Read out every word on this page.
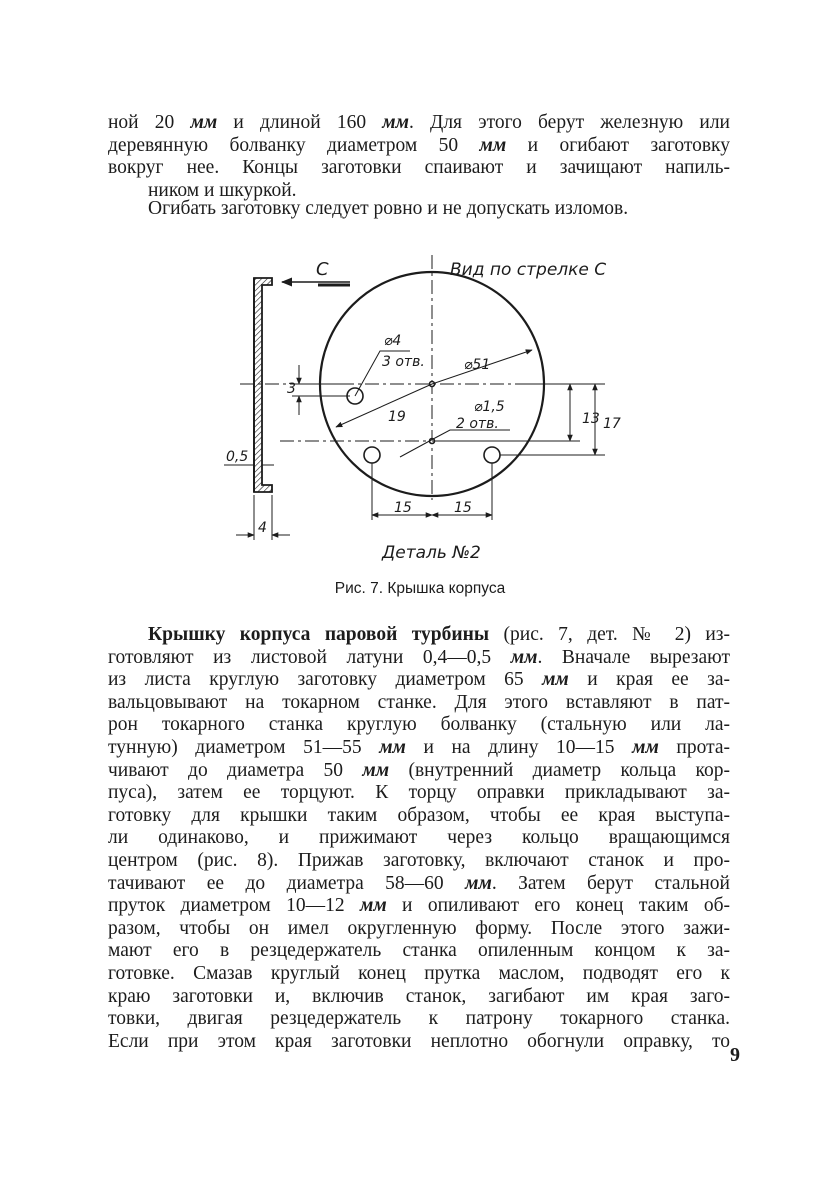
ной 20 мм и длиной 160 мм. Для этого берут железную или
деревянную болванку диаметром 50 мм и огибают заготовку
вокруг нее. Концы заготовки спаивают и зачищают напиль-
ником и шкуркой.
Огибать заготовку следует ровно и не допускать изломов.
С	Вид по стрелке С
⌀4
3 отв.	⌀51
⌀1,5
2 отв.
19
3
13 17
15	15
0,5
4
Деталь №2
Рис. 7. Крышка корпуса
Крышку корпуса паровой турбины (рис. 7, дет. № 2) из-
готовляют из листовой латуни 0,4—0,5 мм. Вначале вырезают
из листа круглую заготовку диаметром 65 мм и края ее за-
вальцовывают на токарном станке. Для этого вставляют в пат-
рон токарного станка круглую болванку (стальную или ла-
тунную) диаметром 51—55 мм и на длину 10—15 мм прота-
чивают до диаметра 50 мм (внутренний диаметр кольца кор-
пуса), затем ее торцуют. К торцу оправки прикладывают за-
готовку для крышки таким образом, чтобы ее края выступа-
ли одинаково, и прижимают через кольцо вращающимся
центром (рис. 8). Прижав заготовку, включают станок и про-
тачивают ее до диаметра 58—60 мм. Затем берут стальной
пруток диаметром 10—12 мм и опиливают его конец таким об-
разом, чтобы он имел округленную форму. После этого зажи-
мают его в резцедержатель станка опиленным концом к за-
готовке. Смазав круглый конец прутка маслом, подводят его к
краю заготовки и, включив станок, загибают им края заго-
товки, двигая резцедержатель к патрону токарного станка.
Если при этом края заготовки неплотно обогнули оправку, то
9
